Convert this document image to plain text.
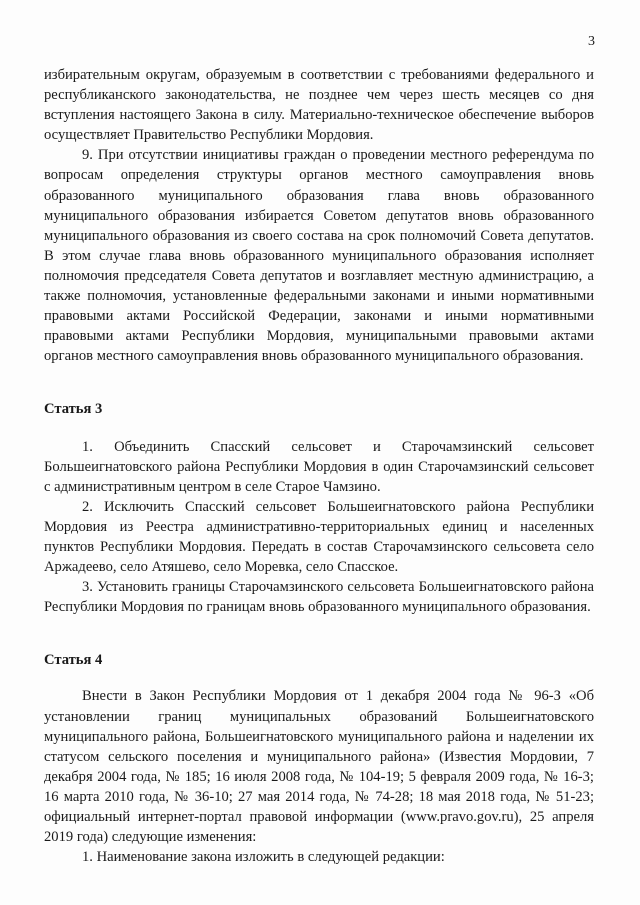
3

избирательным округам, образуемым в соответствии с требованиями федерального и республиканского законодательства, не позднее чем через шесть месяцев со дня вступления настоящего Закона в силу. Материально-техническое обеспечение выборов осуществляет Правительство Республики Мордовия.

9. При отсутствии инициативы граждан о проведении местного референдума по вопросам определения структуры органов местного самоуправления вновь образованного муниципального образования глава вновь образованного муниципального образования избирается Советом депутатов вновь образованного муниципального образования из своего состава на срок полномочий Совета депутатов. В этом случае глава вновь образованного муниципального образования исполняет полномочия председателя Совета депутатов и возглавляет местную администрацию, а также полномочия, установленные федеральными законами и иными нормативными правовыми актами Российской Федерации, законами и иными нормативными правовыми актами Республики Мордовия, муниципальными правовыми актами органов местного самоуправления вновь образованного муниципального образования.

Статья 3

1. Объединить Спасский сельсовет и Старочамзинский сельсовет Большеигнатовского района Республики Мордовия в один Старочамзинский сельсовет с административным центром в селе Старое Чамзино.

2. Исключить Спасский сельсовет Большеигнатовского района Республики Мордовия из Реестра административно-территориальных единиц и населенных пунктов Республики Мордовия. Передать в состав Старочамзинского сельсовета село Аржадеево, село Атяшево, село Моревка, село Спасское.

3. Установить границы Старочамзинского сельсовета Большеигнатовского района Республики Мордовия по границам вновь образованного муниципального образования.

Статья 4

Внести в Закон Республики Мордовия от 1 декабря 2004 года № 96-З «Об установлении границ муниципальных образований Большеигнатовского муниципального района, Большеигнатовского муниципального района и наделении их статусом сельского поселения и муниципального района» (Известия Мордовии, 7 декабря 2004 года, № 185; 16 июля 2008 года, № 104-19; 5 февраля 2009 года, № 16-3; 16 марта 2010 года, № 36-10; 27 мая 2014 года, № 74-28; 18 мая 2018 года, № 51-23; официальный интернет-портал правовой информации (www.pravo.gov.ru), 25 апреля 2019 года) следующие изменения:

1. Наименование закона изложить в следующей редакции:
